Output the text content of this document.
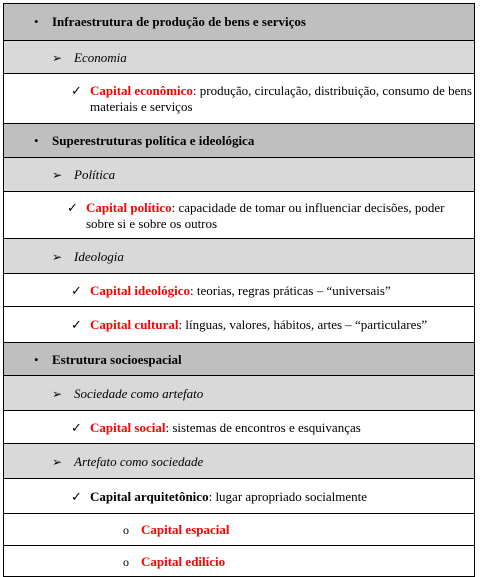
• Infraestrutura de produção de bens e serviços
➢ Economia
✓ Capital econômico: produção, circulação, distribuição, consumo de bens
materiais e serviços
• Superestruturas política e ideológica
➢ Política
✓ Capital político: capacidade de tomar ou influenciar decisões, poder
sobre si e sobre os outros
➢ Ideologia
✓ Capital ideológico: teorias, regras práticas – “universais”
✓ Capital cultural: línguas, valores, hábitos, artes – “particulares”
• Estrutura socioespacial
➢ Sociedade como artefato
✓ Capital social: sistemas de encontros e esquivanças
➢ Artefato como sociedade
✓ Capital arquitetônico: lugar apropriado socialmente
o Capital espacial
o Capital edilício
